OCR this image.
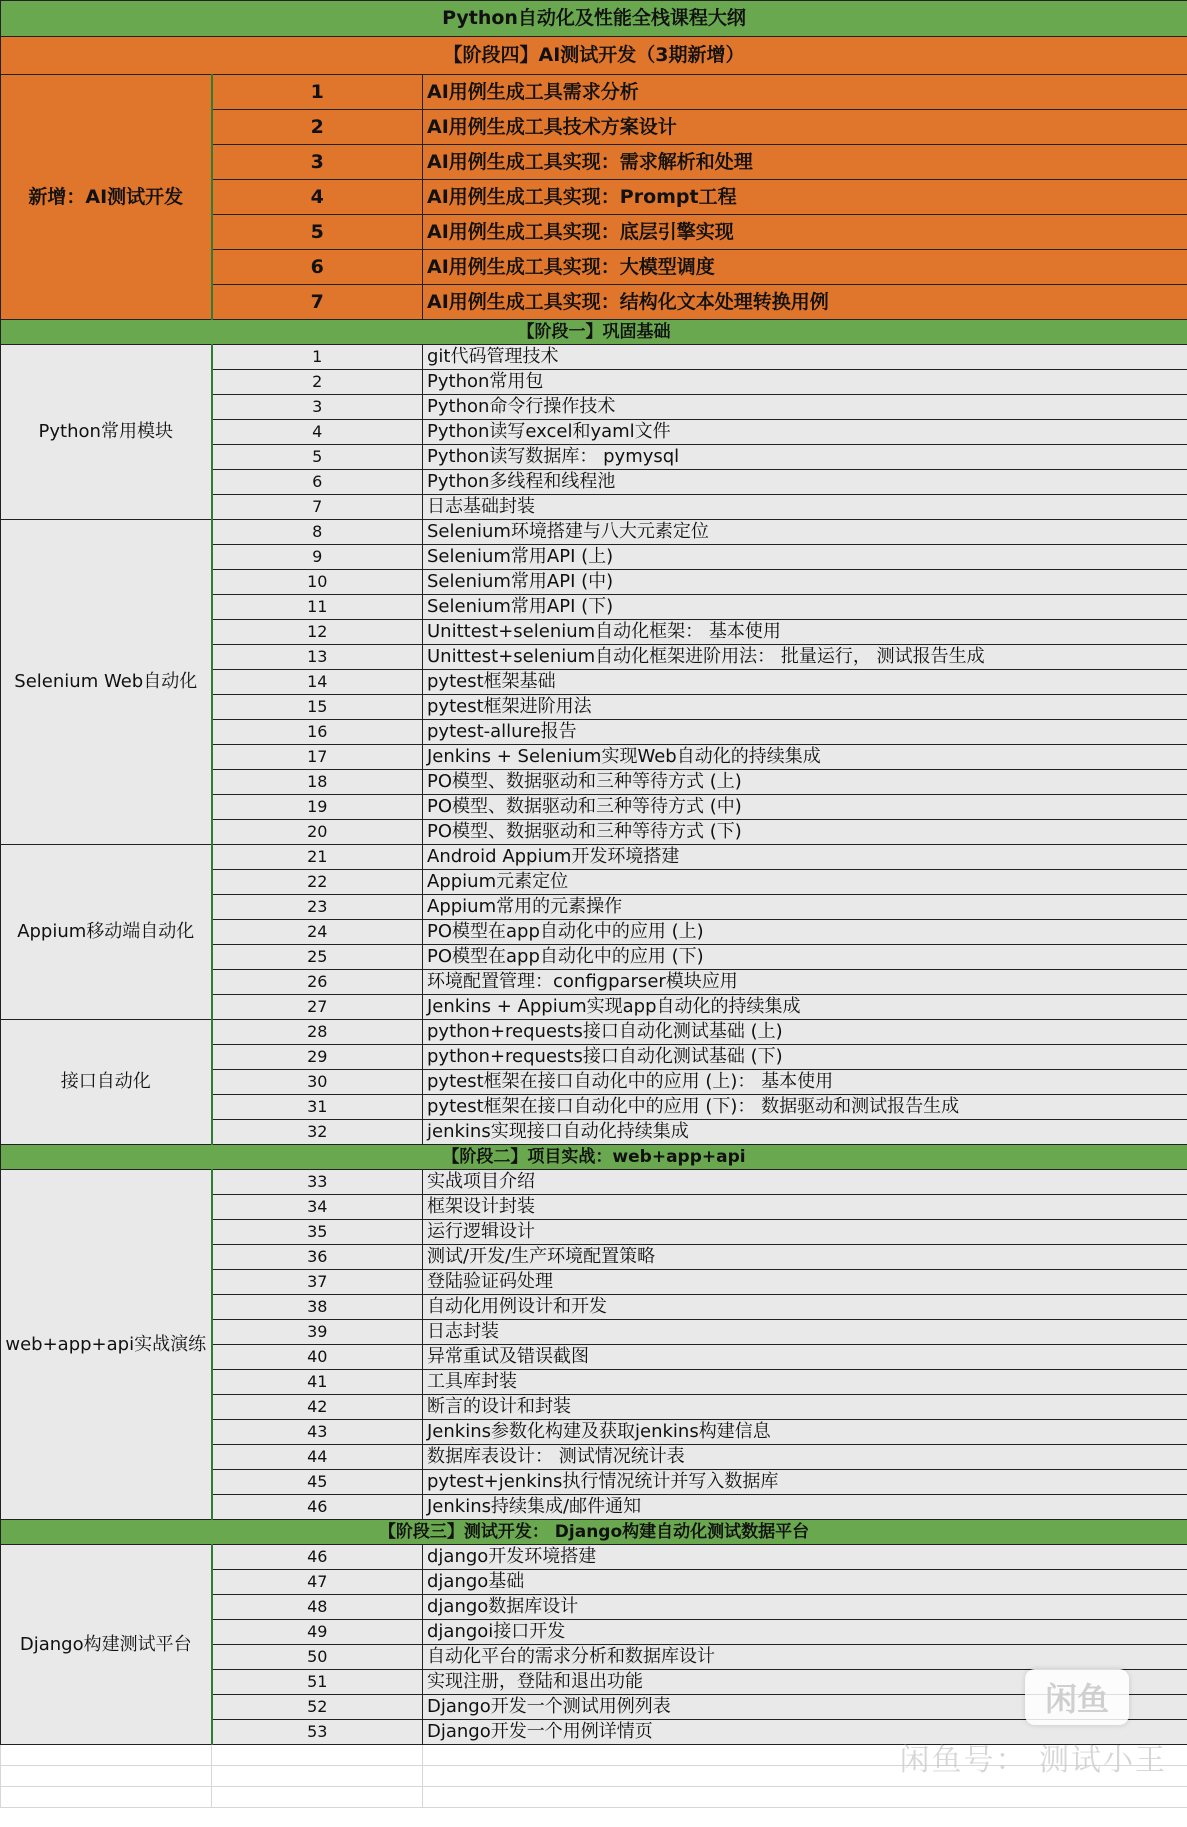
Python自动化及性能全栈课程大纲		
【阶段四】AI测试开发（3期新增）		
新增：AI测试开发	1	AI用例生成工具需求分析
	2	AI用例生成工具技术方案设计
	3	AI用例生成工具实现：需求解析和处理
	4	AI用例生成工具实现：Prompt工程
	5	AI用例生成工具实现：底层引擎实现
	6	AI用例生成工具实现：大模型调度
	7	AI用例生成工具实现：结构化文本处理转换用例
【阶段一】巩固基础		
Python常用模块	1	git代码管理技术
	2	Python常用包
	3	Python命令行操作技术
	4	Python读写excel和yaml文件
	5	Python读写数据库： pymysql
	6	Python多线程和线程池
	7	日志基础封装
Selenium Web自动化	8	Selenium环境搭建与八大元素定位
	9	Selenium常用API (上)
	10	Selenium常用API (中)
	11	Selenium常用API (下)
	12	Unittest+selenium自动化框架： 基本使用
	13	Unittest+selenium自动化框架进阶用法： 批量运行， 测试报告生成
	14	pytest框架基础
	15	pytest框架进阶用法
	16	pytest-allure报告
	17	Jenkins + Selenium实现Web自动化的持续集成
	18	PO模型、数据驱动和三种等待方式 (上)
	19	PO模型、数据驱动和三种等待方式 (中)
	20	PO模型、数据驱动和三种等待方式 (下)
Appium移动端自动化	21	Android Appium开发环境搭建
	22	Appium元素定位
	23	Appium常用的元素操作
	24	PO模型在app自动化中的应用 (上)
	25	PO模型在app自动化中的应用 (下)
	26	环境配置管理：configparser模块应用
	27	Jenkins + Appium实现app自动化的持续集成
接口自动化	28	python+requests接口自动化测试基础 (上)
	29	python+requests接口自动化测试基础 (下)
	30	pytest框架在接口自动化中的应用 (上)： 基本使用
	31	pytest框架在接口自动化中的应用 (下)： 数据驱动和测试报告生成
	32	jenkins实现接口自动化持续集成
【阶段二】项目实战：web+app+api		
web+app+api实战演练	33	实战项目介绍
	34	框架设计封装
	35	运行逻辑设计
	36	测试/开发/生产环境配置策略
	37	登陆验证码处理
	38	自动化用例设计和开发
	39	日志封装
	40	异常重试及错误截图
	41	工具库封装
	42	断言的设计和封装
	43	Jenkins参数化构建及获取jenkins构建信息
	44	数据库表设计： 测试情况统计表
	45	pytest+jenkins执行情况统计并写入数据库
	46	Jenkins持续集成/邮件通知
【阶段三】测试开发： Django构建自动化测试数据平台		
Django构建测试平台	46	django开发环境搭建
	47	django基础
	48	django数据库设计
	49	djangoi接口开发
	50	自动化平台的需求分析和数据库设计
	51	实现注册，登陆和退出功能
	52	Django开发一个测试用例列表
	53	Django开发一个用例详情页

闲鱼
闲鱼号： 测试小王
